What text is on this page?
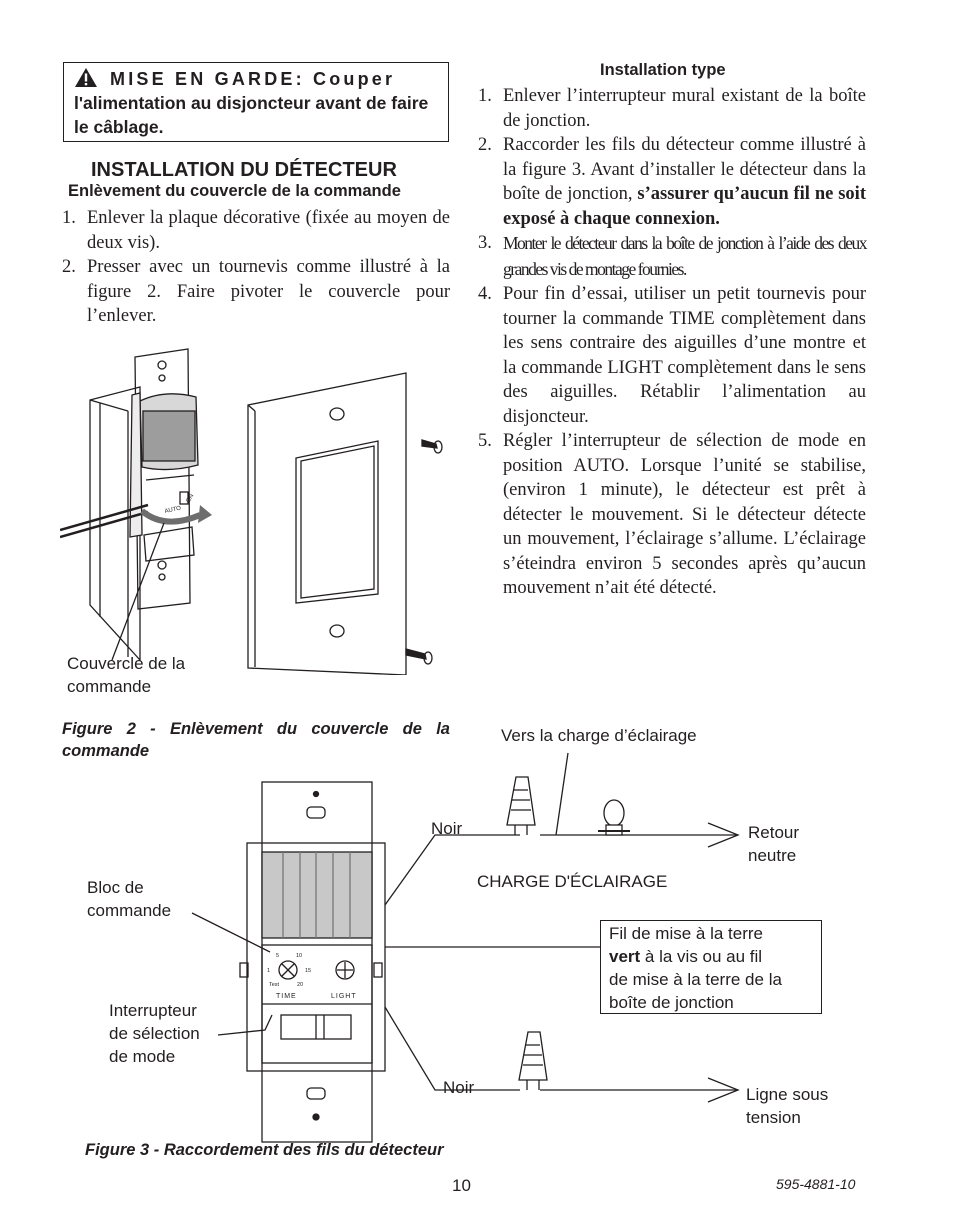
MISE EN GARDE: Couper
l'alimentation au disjoncteur avant de faire le câblage.
INSTALLATION DU DÉTECTEUR
Enlèvement du couvercle de la commande
1. Enlever la plaque décorative (fixée au moyen de deux vis).
2. Presser avec un tournevis comme illustré à la figure 2. Faire pivoter le couvercle pour l’enlever.
Installation type
1. Enlever l’interrupteur mural existant de la boîte de jonction.
2. Raccorder les fils du détecteur comme illustré à la figure 3. Avant d’installer le détecteur dans la boîte de jonction, s’assurer qu’aucun fil ne soit exposé à chaque connexion.
3. Monter le détecteur dans la boîte de jonction à l’aide des deux grandes vis de montage fournies.
4. Pour fin d’essai, utiliser un petit tournevis pour tourner la commande TIME complètement dans les sens contraire des aiguilles d’une montre et la commande LIGHT complètement dans le sens des aiguilles. Rétablir l’alimentation au disjoncteur.
5. Régler l’interrupteur de sélection de mode en position AUTO. Lorsque l’unité se stabilise, (environ 1 minute), le détecteur est prêt à détecter le mouvement. Si le détecteur détecte un mouvement, l’éclairage s’allume. L’éclairage s’éteindra environ 5 secondes après qu’aucun mouvement n’ait été détecté.
AUTO
ON
Couvercle de la commande
Figure 2 - Enlèvement du couvercle de la commande
5	10
1	15
Test	20
TIME	LIGHT
Vers la charge d’éclairage
Noir	Retour neutre
CHARGE D'ÉCLAIRAGE
Bloc de commande
Interrupteur de sélection de mode
Noir	Ligne sous tension
Fil de mise à la terre
vert à la vis ou au fil
de mise à la terre de la
boîte de jonction
Figure 3 - Raccordement des fils du détecteur
10	595-4881-10
